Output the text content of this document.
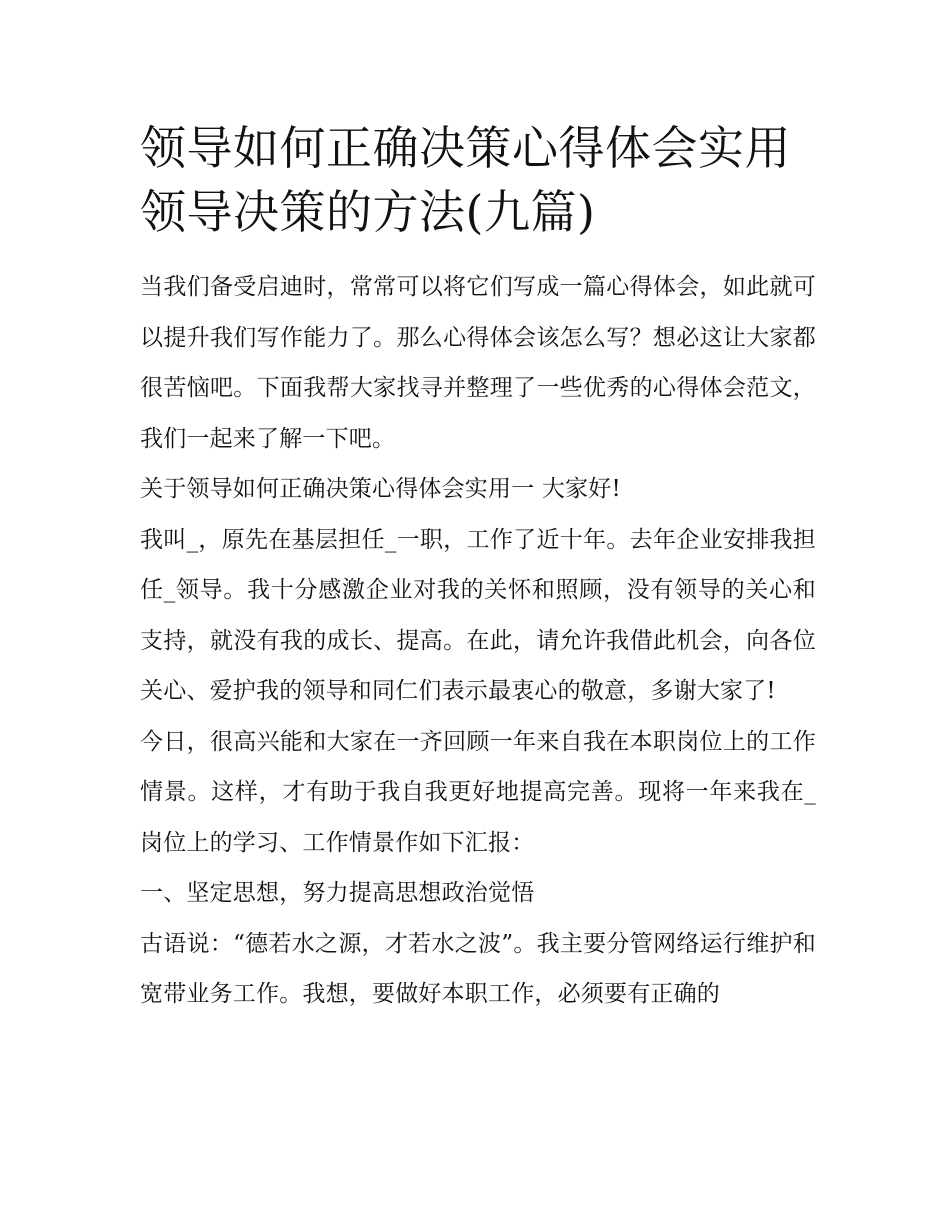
领导如何正确决策心得体会实用 领导决策的方法(九篇)

当我们备受启迪时，常常可以将它们写成一篇心得体会，如此就可以提升我们写作能力了。那么心得体会该怎么写？想必这让大家都很苦恼吧。下面我帮大家找寻并整理了一些优秀的心得体会范文，我们一起来了解一下吧。

关于领导如何正确决策心得体会实用一 大家好!

我叫_，原先在基层担任_一职，工作了近十年。去年企业安排我担任_领导。我十分感激企业对我的关怀和照顾，没有领导的关心和支持，就没有我的成长、提高。在此，请允许我借此机会，向各位关心、爱护我的领导和同仁们表示最衷心的敬意，多谢大家了!

今日，很高兴能和大家在一齐回顾一年来自我在本职岗位上的工作情景。这样，才有助于我自我更好地提高完善。现将一年来我在_岗位上的学习、工作情景作如下汇报：

一、坚定思想，努力提高思想政治觉悟

古语说：“德若水之源，才若水之波”。我主要分管网络运行维护和宽带业务工作。我想，要做好本职工作，必须要有正确的
